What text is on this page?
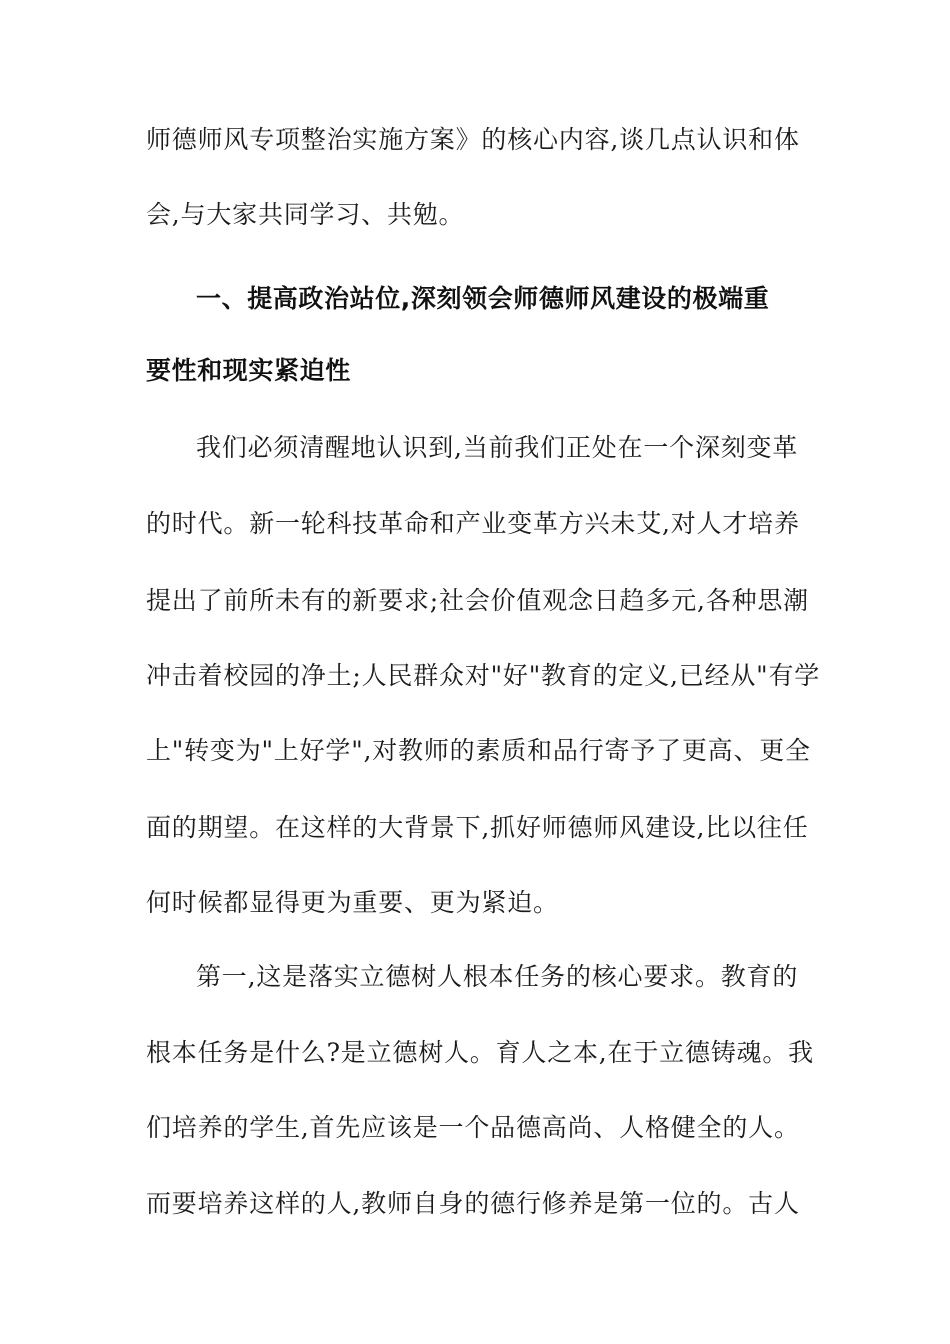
师德师风专项整治实施方案》的核心内容,谈几点认识和体
会,与大家共同学习、共勉。
一、提高政治站位,深刻领会师德师风建设的极端重
要性和现实紧迫性
我们必须清醒地认识到,当前我们正处在一个深刻变革
的时代。新一轮科技革命和产业变革方兴未艾,对人才培养
提出了前所未有的新要求;社会价值观念日趋多元,各种思潮
冲击着校园的净土;人民群众对"好"教育的定义,已经从"有学
上"转变为"上好学",对教师的素质和品行寄予了更高、更全
面的期望。在这样的大背景下,抓好师德师风建设,比以往任
何时候都显得更为重要、更为紧迫。
第一,这是落实立德树人根本任务的核心要求。教育的
根本任务是什么?是立德树人。育人之本,在于立德铸魂。我
们培养的学生,首先应该是一个品德高尚、人格健全的人。
而要培养这样的人,教师自身的德行修养是第一位的。古人
